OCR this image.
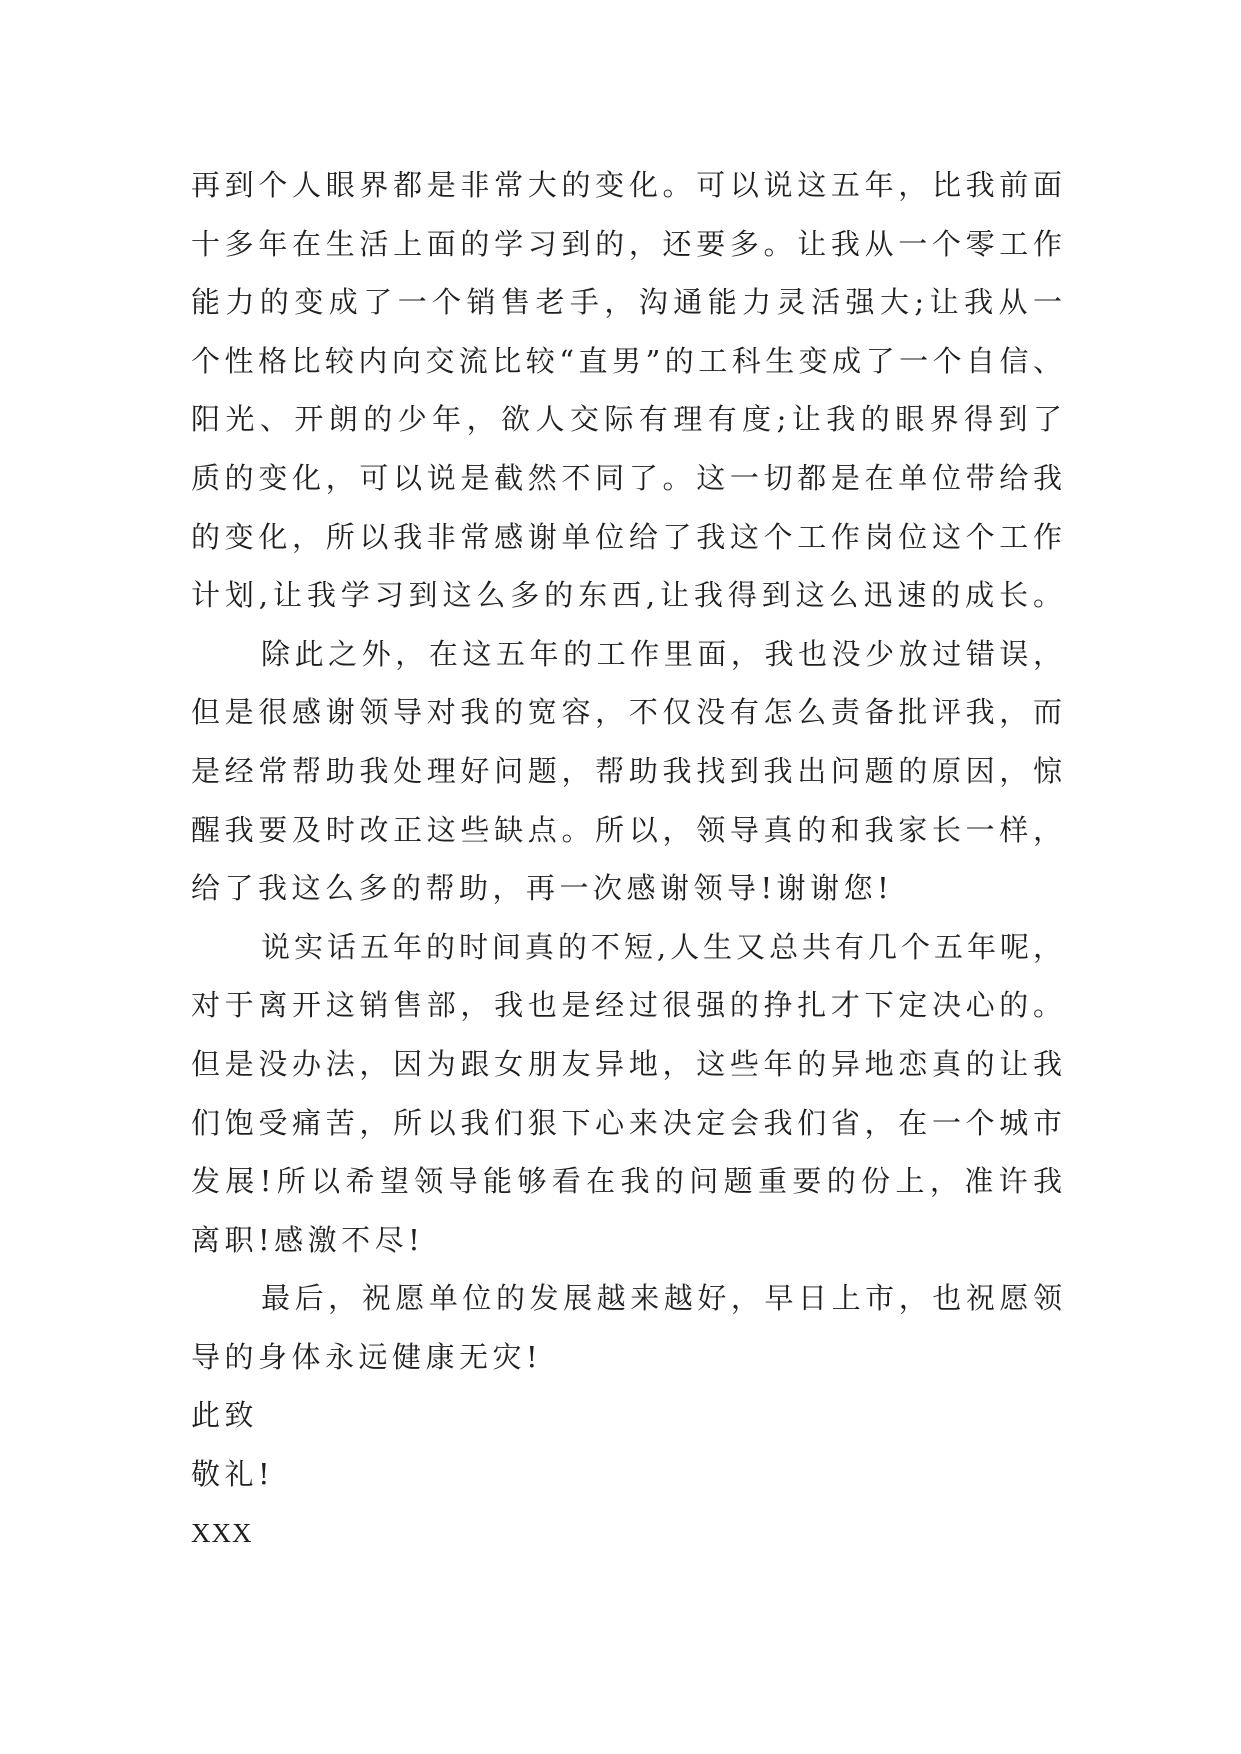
再到个人眼界都是非常大的变化。可以说这五年，比我前面
十多年在生活上面的学习到的，还要多。让我从一个零工作
能力的变成了一个销售老手，沟通能力灵活强大;让我从一
个性格比较内向交流比较“直男”的工科生变成了一个自信、
阳光、开朗的少年，欲人交际有理有度;让我的眼界得到了
质的变化，可以说是截然不同了。这一切都是在单位带给我
的变化，所以我非常感谢单位给了我这个工作岗位这个工作
计划,让我学习到这么多的东西,让我得到这么迅速的成长。
除此之外，在这五年的工作里面，我也没少放过错误，
但是很感谢领导对我的宽容，不仅没有怎么责备批评我，而
是经常帮助我处理好问题，帮助我找到我出问题的原因，惊
醒我要及时改正这些缺点。所以，领导真的和我家长一样，
给了我这么多的帮助，再一次感谢领导!谢谢您!
说实话五年的时间真的不短,人生又总共有几个五年呢，
对于离开这销售部，我也是经过很强的挣扎才下定决心的。
但是没办法，因为跟女朋友异地，这些年的异地恋真的让我
们饱受痛苦，所以我们狠下心来决定会我们省，在一个城市
发展!所以希望领导能够看在我的问题重要的份上，准许我
离职!感激不尽!
最后，祝愿单位的发展越来越好，早日上市，也祝愿领
导的身体永远健康无灾!
此致
敬礼!
XXX
